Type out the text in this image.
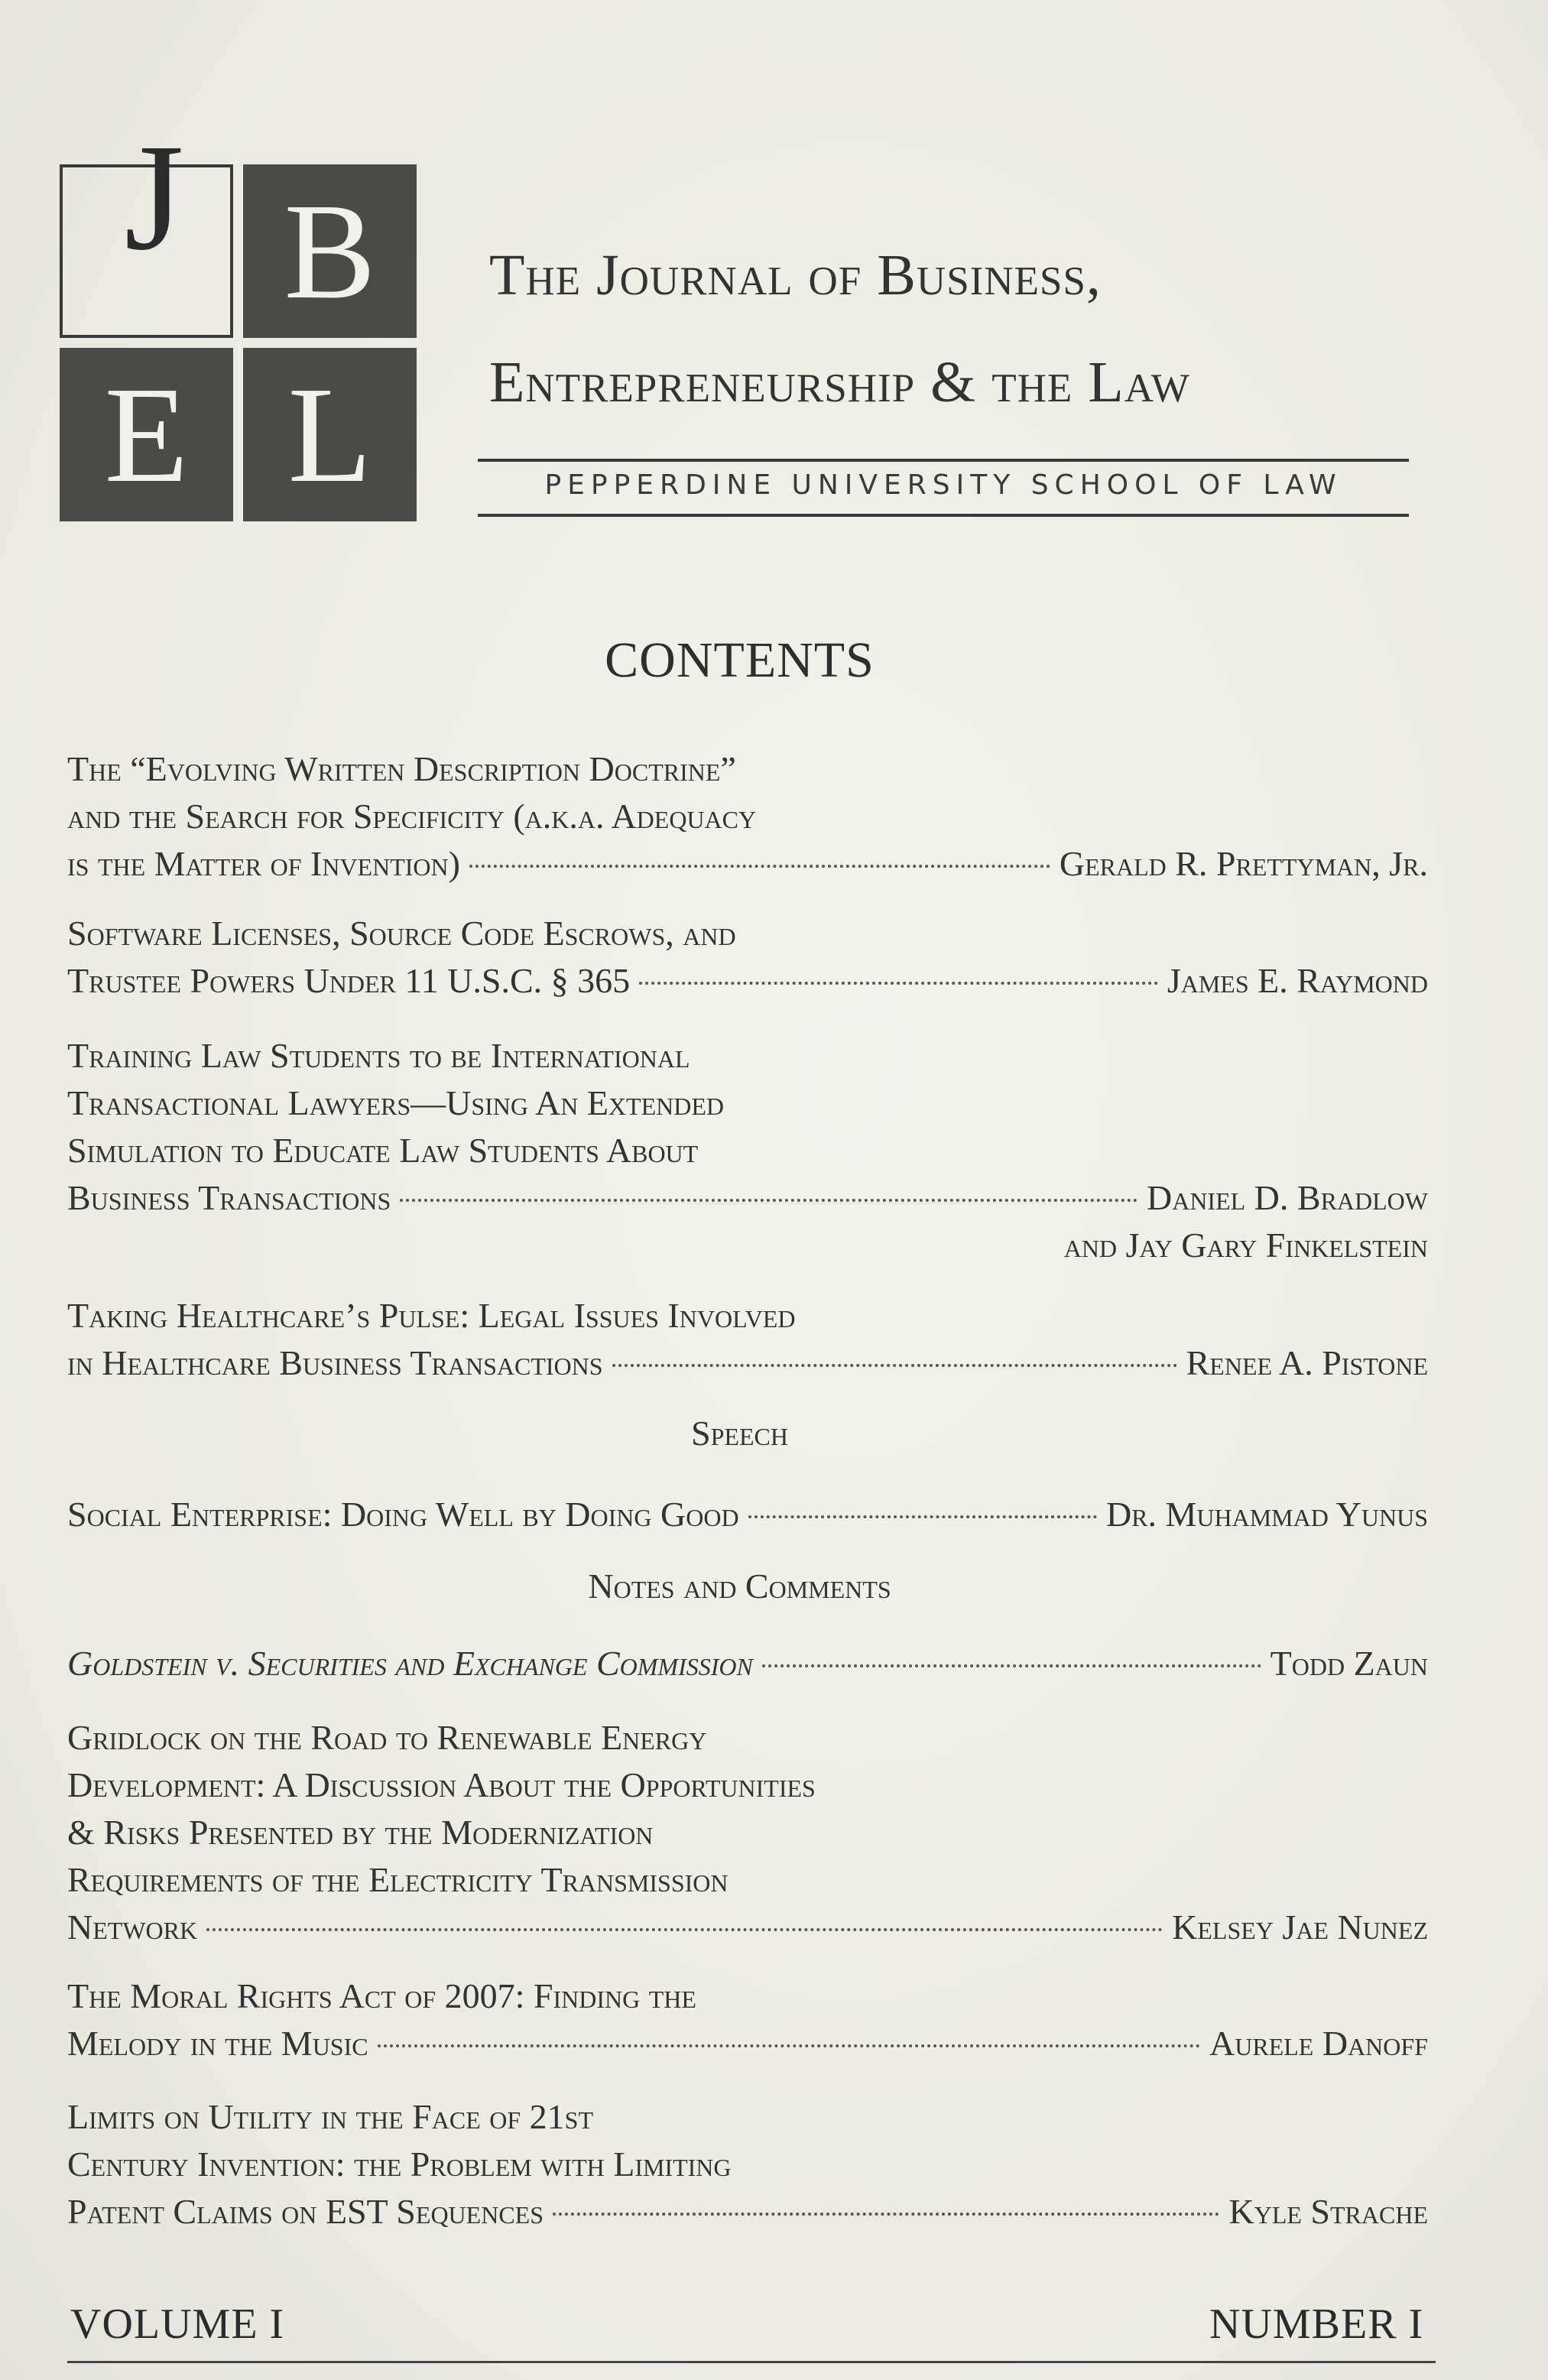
J B
E L
The Journal of Business,
Entrepreneurship & the Law
PEPPERDINE UNIVERSITY SCHOOL OF LAW
CONTENTS
The “Evolving Written Description Doctrine”
and the Search for Specificity (a.k.a. Adequacy
is the Matter of Invention)	Gerald R. Prettyman, Jr.
Software Licenses, Source Code Escrows, and
Trustee Powers Under 11 U.S.C. § 365	James E. Raymond
Training Law Students to be International
Transactional Lawyers—Using An Extended
Simulation to Educate Law Students About
Business Transactions	Daniel D. Bradlow
and Jay Gary Finkelstein
Taking Healthcare’s Pulse: Legal Issues Involved
in Healthcare Business Transactions	Renee A. Pistone
Speech
Social Enterprise: Doing Well by Doing Good	Dr. Muhammad Yunus
Notes and Comments
Goldstein v. Securities and Exchange Commission	Todd Zaun
Gridlock on the Road to Renewable Energy
Development: A Discussion About the Opportunities
& Risks Presented by the Modernization
Requirements of the Electricity Transmission
Network	Kelsey Jae Nunez
The Moral Rights Act of 2007: Finding the
Melody in the Music	Aurele Danoff
Limits on Utility in the Face of 21st
Century Invention: the Problem with Limiting
Patent Claims on EST Sequences	Kyle Strache
VOLUME I	NUMBER I
